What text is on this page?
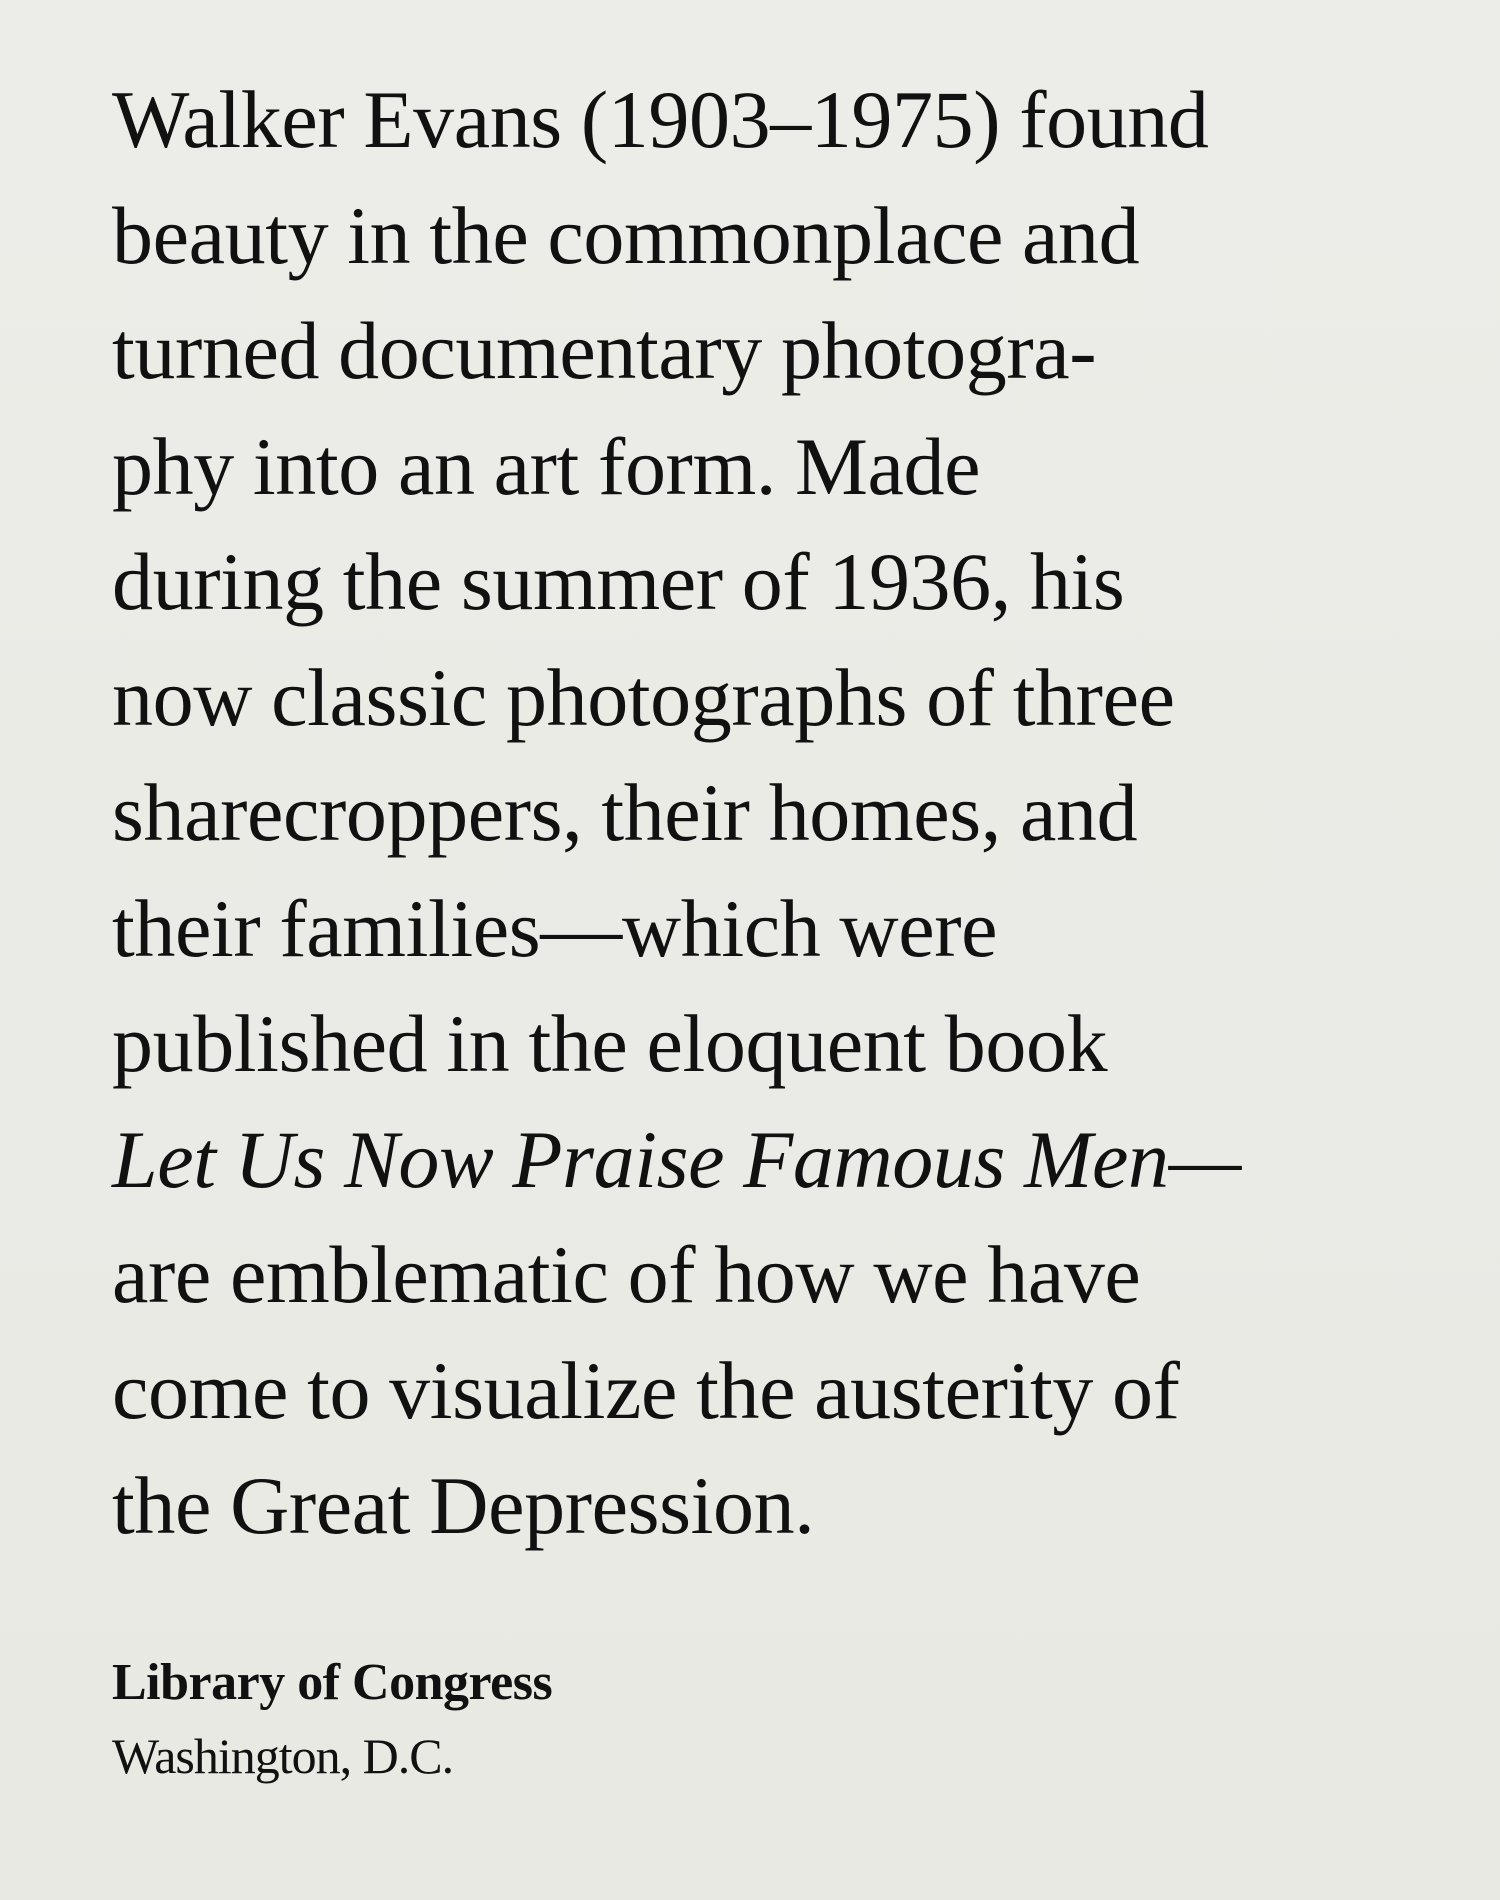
Walker Evans (1903–1975) found
beauty in the commonplace and
turned documentary photogra-
phy into an art form. Made
during the summer of 1936, his
now classic photographs of three
sharecroppers, their homes, and
their families—which were
published in the eloquent book
Let Us Now Praise Famous Men—
are emblematic of how we have
come to visualize the austerity of
the Great Depression.

Library of Congress
Washington, D.C.
